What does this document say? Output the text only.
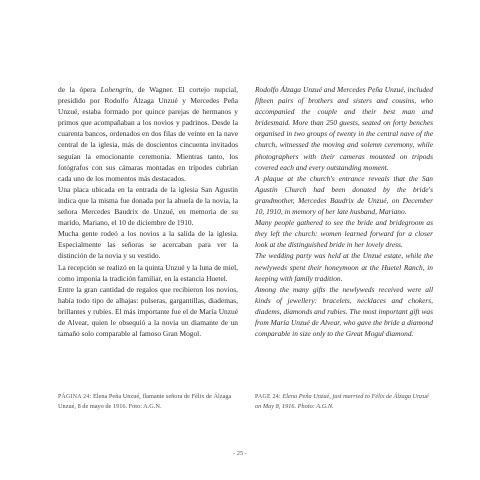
de la ópera Lohengrin, de Wagner. El cortejo nupcial, presidido por Rodolfo Álzaga Unzué y Mercedes Peña Unzué, estaba formado por quince parejas de hermanos y primos que acompañaban a los novios y padrinos. Desde la cuarenta bancos, ordenados en dos filas de veinte en la nave central de la iglesia, más de doscientos cincuenta invitados seguían la emocionante ceremonia. Mientras tanto, los fotógrafos con sus cámaras montadas en trípodes cubrían cada uno de los momentos más destacados.

Una placa ubicada en la entrada de la iglesia San Agustín indica que la misma fue donada por la abuela de la novia, la señora Mercedes Baudrix de Unzué, en memoria de su marido, Mariano, el 10 de diciembre de 1910.

Mucha gente rodeó a los novios a la salida de la iglesia. Especialmente las señoras se acercaban para ver la distinción de la novia y su vestido.

La recepción se realizó en la quinta Unzué y la luna de miel, como imponía la tradición familiar, en la estancia Huetel.

Entre la gran cantidad de regalos que recibieron los novios, había todo tipo de alhajas: pulseras, gargantillas, diademas, brillantes y rubíes. El más importante fue el de María Unzué de Alvear, quien le obsequió a la novia un diamante de un tamaño solo comparable al famoso Gran Mogol.

Rodolfo Álzaga Unzué and Mercedes Peña Unzué, included fifteen pairs of brothers and sisters and cousins, who accompanied the couple and their best man and bridesmaid. More than 250 guests, seated on forty benches organised in two groups of twenty in the central nave of the church, witnessed the moving and solemn ceremony, while photographers with their cameras mounted on tripods covered each and every outstanding moment.

A plaque at the church's entrance reveals that the San Agustín Church had been donated by the bride's grandmother, Mercedes Baudrix de Unzué, on December 10, 1910, in memory of her late husband, Mariano.

Many people gathered to see the bride and bridegroom as they left the church: women learned forward for a closer look at the distinguished bride in her lovely dress.

The wedding party was held at the Unzué estate, while the newlyweds spent their honeymoon at the Huetel Ranch, in keeping with family tradition.

Among the many gifts the newlyweds received were all kinds of jewellery: bracelets, necklaces and chokers, diadems, diamonds and rubies. The most important gift was from María Unzué de Alvear, who gave the bride a diamond comparable in size only to the Great Mogul diamond.

PÁGINA 24: Elena Peña Unzué, flamante señora de Félix de Álzaga Unzué, 8 de mayo de 1916. Foto: A.G.N.
PAGE 24: Elena Peña Unzué, just married to Félix de Álzaga Unzué on May 8, 1916. Photo: A.G.N.
- 25 -
